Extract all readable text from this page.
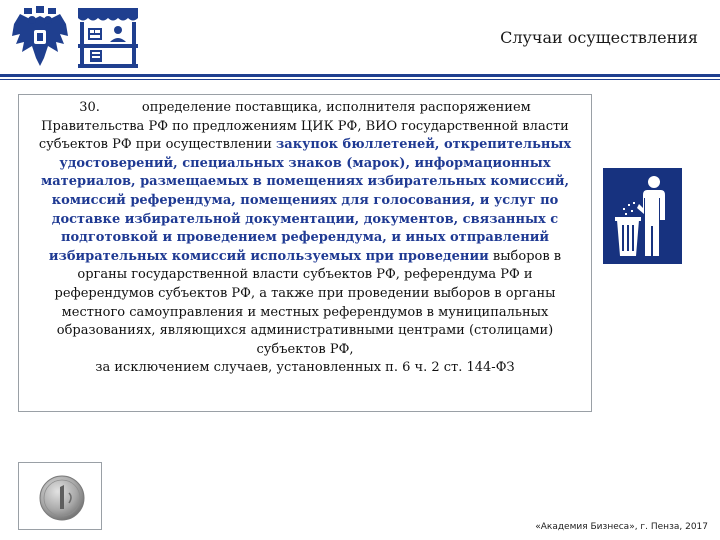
Случаи осуществления

30.	определение поставщика, исполнителя распоряжением Правительства РФ по предложениям ЦИК РФ, ВИО государственной власти субъектов РФ при осуществлении закупок бюллетеней, открепительных удостоверений, специальных знаков (марок), информационных материалов, размещаемых в помещениях избирательных комиссий, комиссий референдума, помещениях для голосования, и услуг по доставке избирательной документации, документов, связанных с подготовкой и проведением референдума, и иных отправлений избирательных комиссий используемых при проведении выборов в органы государственной власти субъектов РФ, референдума РФ и референдумов субъектов РФ, а также при проведении выборов в органы местного самоуправления и местных референдумов в муниципальных образованиях, являющихся административными центрами (столицами) субъектов РФ,

за исключением случаев, установленных п. 6 ч. 2 ст. 144-ФЗ

«Академия Бизнеса», г. Пенза, 2017
